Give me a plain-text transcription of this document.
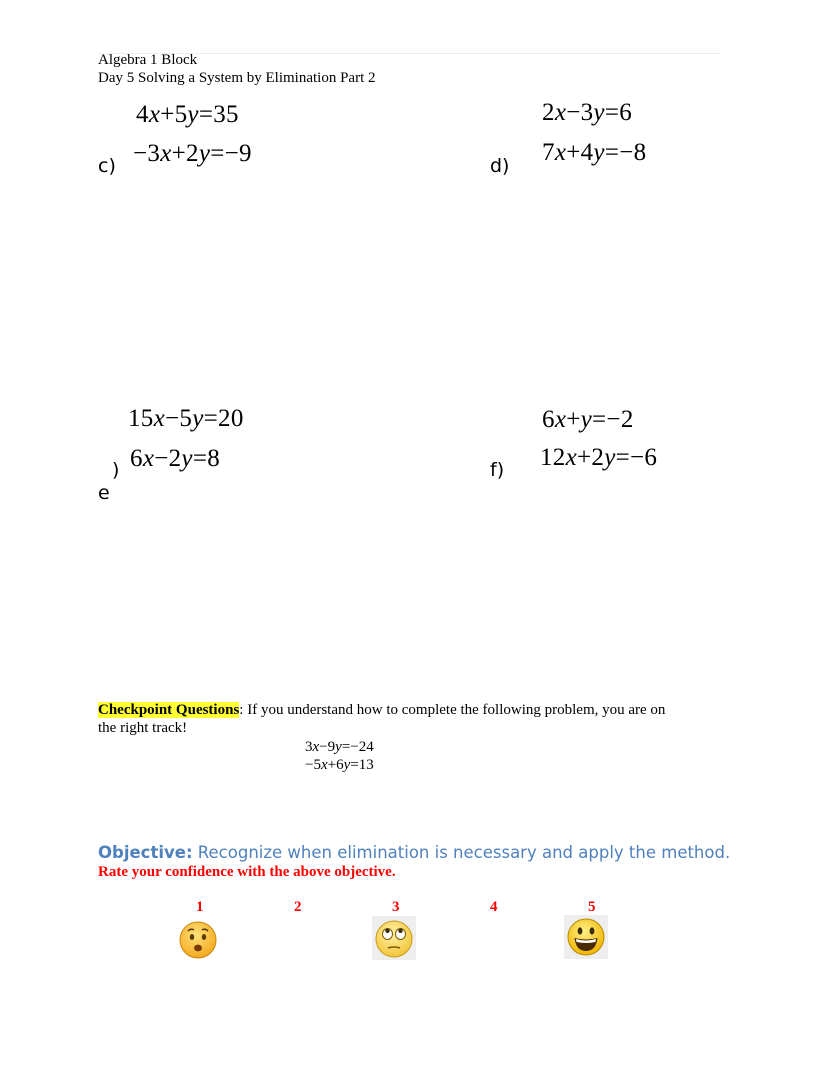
Algebra 1 Block
Day 5 Solving a System by Elimination Part 2
c)
4x+5y=35
−3x+2y=−9	d)
2x−3y=6
7x+4y=−8
)
e
15x−5y=20
6x−2y=8	f)
6x+y=−2
12x+2y=−6
Checkpoint Questions: If you understand how to complete the following problem, you are on
the right track!
3x−9y=−24
−5x+6y=13
Objective: Recognize when elimination is necessary and apply the method.
Rate your confidence with the above objective.
1	2	3	4	5
